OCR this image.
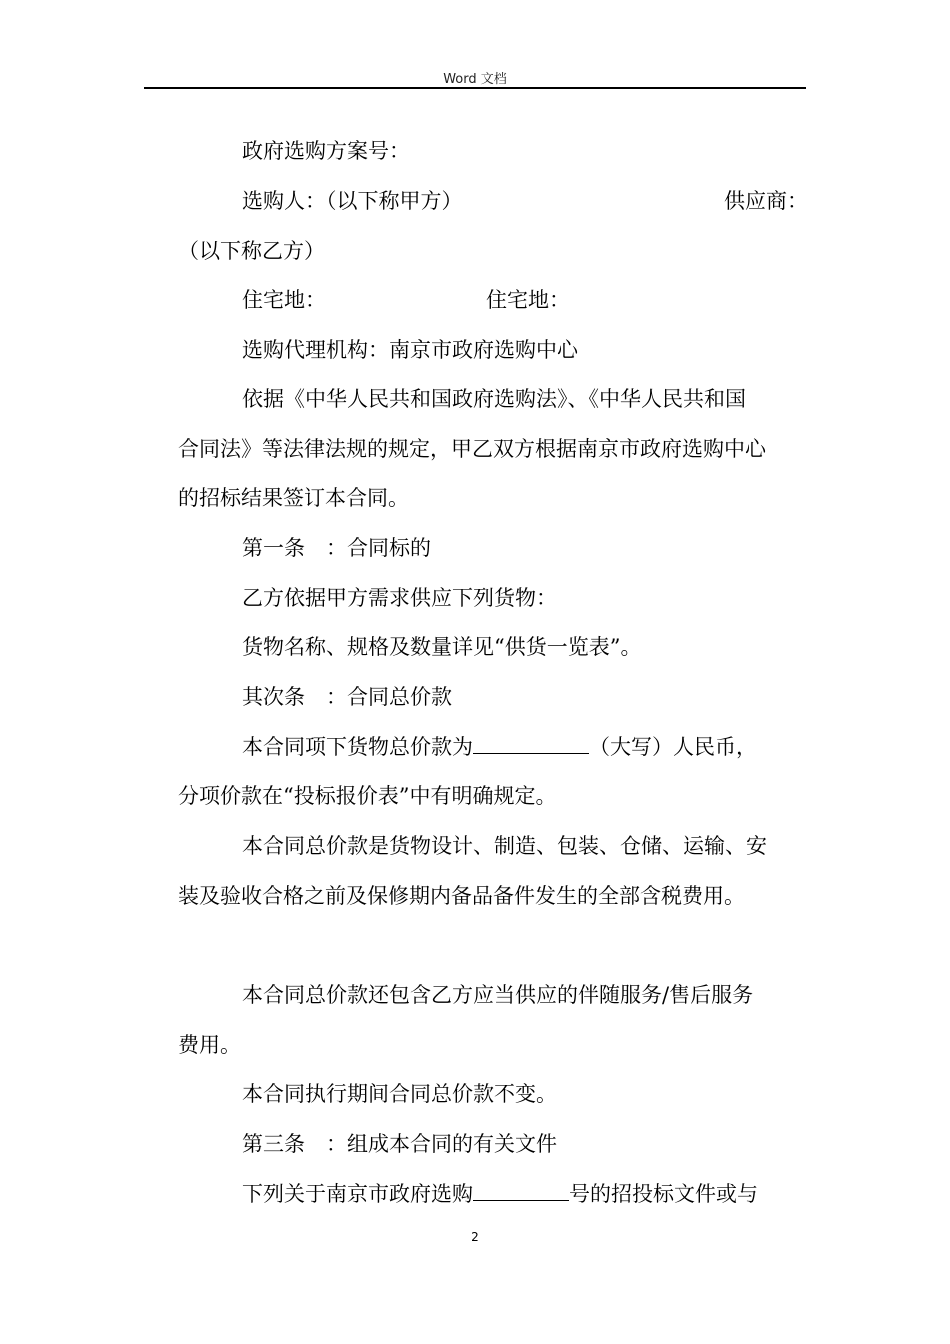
Word 文档
政府选购方案号：
选购人：（以下称甲方）	供应商：
（以下称乙方）
住宅地：	住宅地：
选购代理机构：南京市政府选购中心
依据《中华人民共和国政府选购法》、《中华人民共和国
合同法》等法律法规的规定，甲乙双方根据南京市政府选购中心
的招标结果签订本合同。
第一条　：合同标的
乙方依据甲方需求供应下列货物：
货物名称、规格及数量详见“供货一览表”。
其次条　：合同总价款
本合同项下货物总价款为	（大写）人民币，
分项价款在“投标报价表”中有明确规定。
本合同总价款是货物设计、制造、包装、仓储、运输、安
装及验收合格之前及保修期内备品备件发生的全部含税费用。
本合同总价款还包含乙方应当供应的伴随服务/售后服务
费用。
本合同执行期间合同总价款不变。
第三条　：组成本合同的有关文件
下列关于南京市政府选购	号的招投标文件或与
2
